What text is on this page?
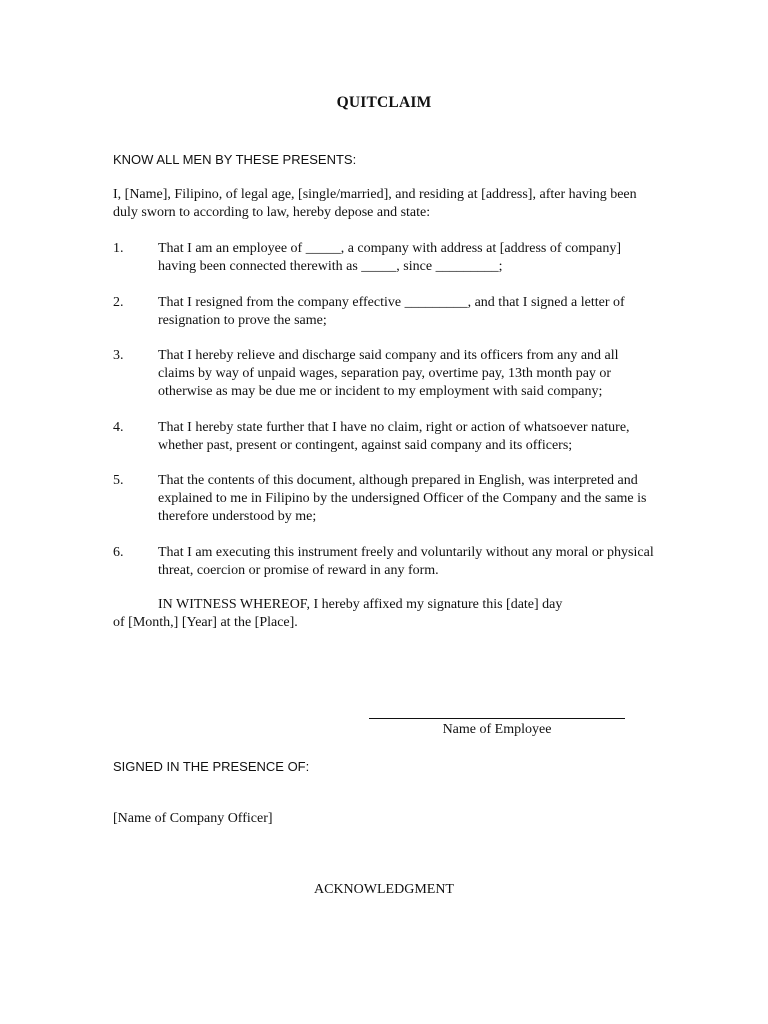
QUITCLAIM
KNOW ALL MEN BY THESE PRESENTS:
I, [Name], Filipino, of legal age, [single/married], and residing at [address], after having been duly sworn to according to law, hereby depose and state:
1. That I am an employee of _____, a company with address at [address of company] having been connected therewith as _____, since _________;
2. That I resigned from the company effective _________, and that I signed a letter of resignation to prove the same;
3. That I hereby relieve and discharge said company and its officers from any and all claims by way of unpaid wages, separation pay, overtime pay, 13th month pay or otherwise as may be due me or incident to my employment with said company;
4. That I hereby state further that I have no claim, right or action of whatsoever nature, whether past, present or contingent, against said company and its officers;
5. That the contents of this document, although prepared in English, was interpreted and explained to me in Filipino by the undersigned Officer of the Company and the same is therefore understood by me;
6. That I am executing this instrument freely and voluntarily without any moral or physical threat, coercion or promise of reward in any form.
IN WITNESS WHEREOF, I hereby affixed my signature this [date] day
of [Month,] [Year] at the [Place].
Name of Employee
SIGNED IN THE PRESENCE OF:
[Name of Company Officer]
ACKNOWLEDGMENT
